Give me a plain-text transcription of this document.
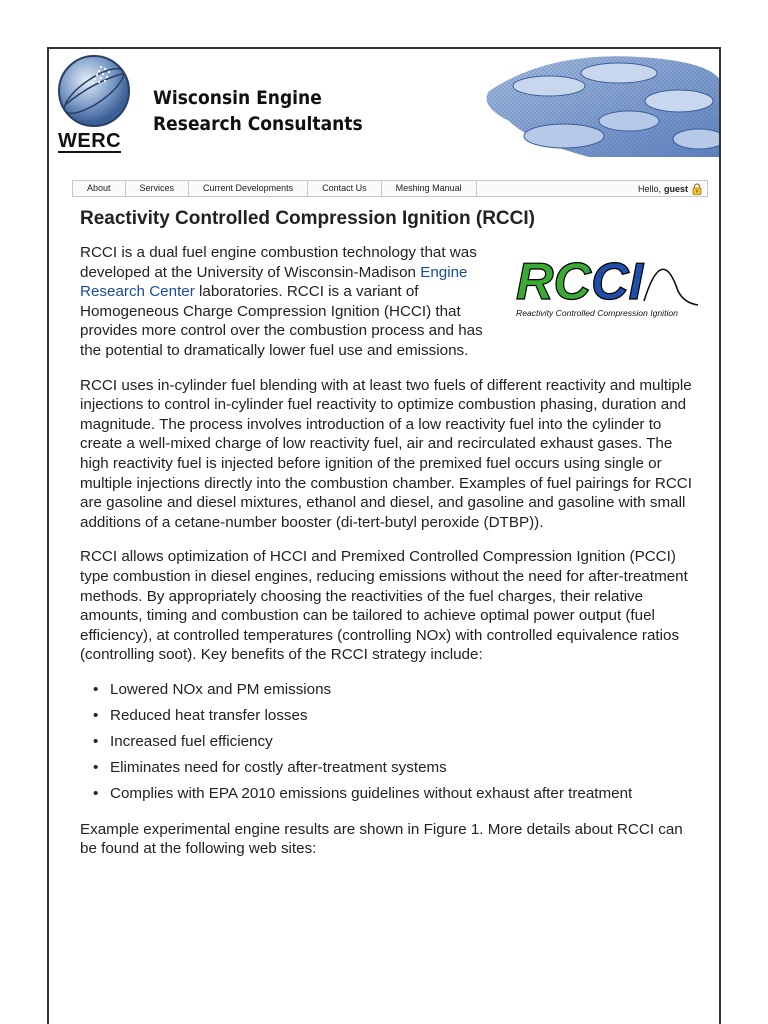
WERC
Wisconsin Engine
Research Consultants
About	Services	Current Developments	Contact Us	Meshing Manual	Hello, guest
Reactivity Controlled Compression Ignition (RCCI)

RCCI
Reactivity Controlled Compression Ignition
RCCI is a dual fuel engine combustion technology that was developed at the University of Wisconsin-Madison Engine Research Center laboratories. RCCI is a variant of Homogeneous Charge Compression Ignition (HCCI) that provides more control over the combustion process and has the potential to dramatically lower fuel use and emissions.

RCCI uses in-cylinder fuel blending with at least two fuels of different reactivity and multiple injections to control in-cylinder fuel reactivity to optimize combustion phasing, duration and magnitude. The process involves introduction of a low reactivity fuel into the cylinder to create a well-mixed charge of low reactivity fuel, air and recirculated exhaust gases. The high reactivity fuel is injected before ignition of the premixed fuel occurs using single or multiple injections directly into the combustion chamber. Examples of fuel pairings for RCCI are gasoline and diesel mixtures, ethanol and diesel, and gasoline and gasoline with small additions of a cetane-number booster (di-tert-butyl peroxide (DTBP)).

RCCI allows optimization of HCCI and Premixed Controlled Compression Ignition (PCCI) type combustion in diesel engines, reducing emissions without the need for after-treatment methods. By appropriately choosing the reactivities of the fuel charges, their relative amounts, timing and combustion can be tailored to achieve optimal power output (fuel efficiency), at controlled temperatures (controlling NOx) with controlled equivalence ratios (controlling soot). Key benefits of the RCCI strategy include:

• Lowered NOx and PM emissions
• Reduced heat transfer losses
• Increased fuel efficiency
• Eliminates need for costly after-treatment systems
• Complies with EPA 2010 emissions guidelines without exhaust after treatment

Example experimental engine results are shown in Figure 1. More details about RCCI can be found at the following web sites:
